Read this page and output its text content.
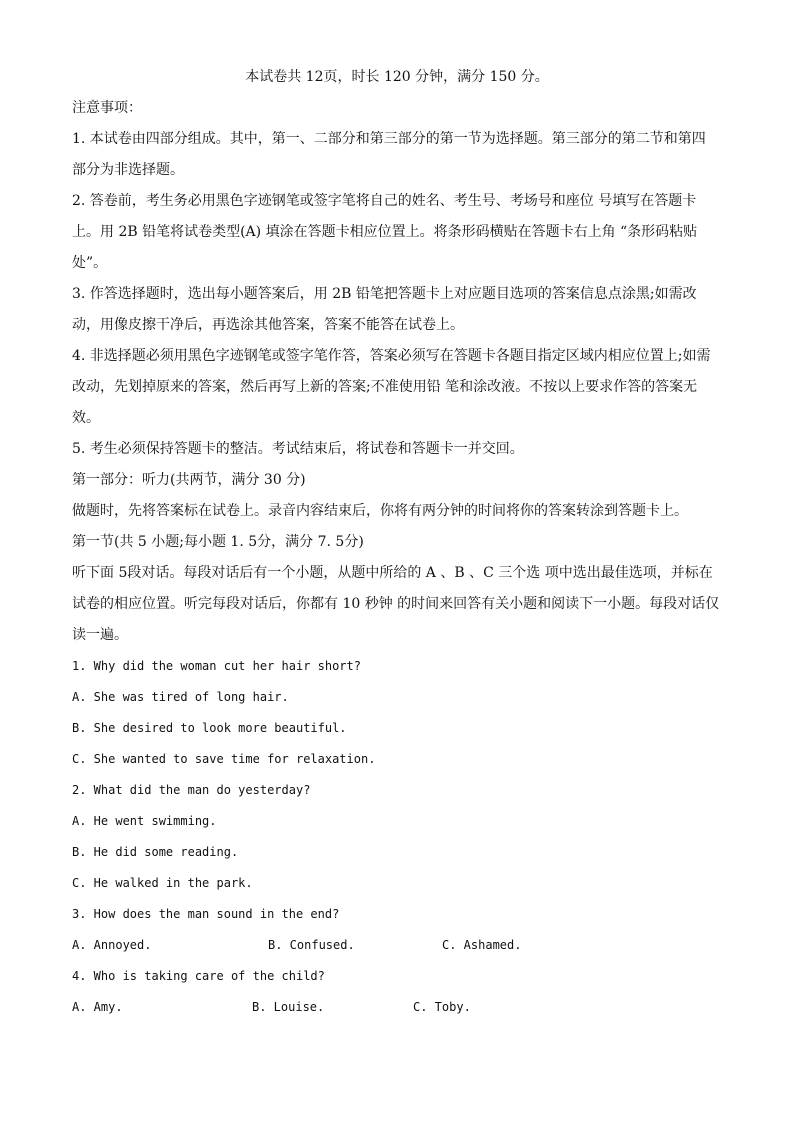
本试卷共 12页，时长 120 分钟，满分 150 分。
注意事项：
1. 本试卷由四部分组成。其中，第一、二部分和第三部分的第一节为选择题。第三部分的第二节和第四
部分为非选择题。
2. 答卷前，考生务必用黑色字迹钢笔或签字笔将自己的姓名、考生号、考场号和座位 号填写在答题卡
上。用 2B 铅笔将试卷类型(A) 填涂在答题卡相应位置上。将条形码横贴在答题卡右上角 “条形码粘贴
处”。
3. 作答选择题时，选出每小题答案后，用 2B 铅笔把答题卡上对应题目选项的答案信息点涂黑;如需改
动，用像皮擦干净后，再选涂其他答案，答案不能答在试卷上。
4. 非选择题必须用黑色字迹钢笔或签字笔作答，答案必须写在答题卡各题目指定区域内相应位置上;如需
改动，先划掉原来的答案，然后再写上新的答案;不准使用铅 笔和涂改液。不按以上要求作答的答案无
效。
5. 考生必须保持答题卡的整洁。考试结束后，将试卷和答题卡一并交回。
第一部分：听力(共两节，满分 30 分)
做题时，先将答案标在试卷上。录音内容结束后，你将有两分钟的时间将你的答案转涂到答题卡上。
第一节(共 5 小题;每小题 1. 5分，满分 7. 5分)
听下面 5段对话。每段对话后有一个小题，从题中所给的 A 、B 、C 三个选 项中选出最佳选项，并标在
试卷的相应位置。听完每段对话后，你都有 10 秒钟 的时间来回答有关小题和阅读下一小题。每段对话仅
读一遍。
1. Why did the woman cut her hair short?
A. She was tired of long hair.
B. She desired to look more beautiful.
C. She wanted to save time for relaxation.
2. What did the man do yesterday?
A. He went swimming.
B. He did some reading.
C. He walked in the park.
3. How does the man sound in the end?
A. Annoyed.	B. Confused.	C. Ashamed.
4. Who is taking care of the child?
A. Amy.	B. Louise.	C. Toby.
